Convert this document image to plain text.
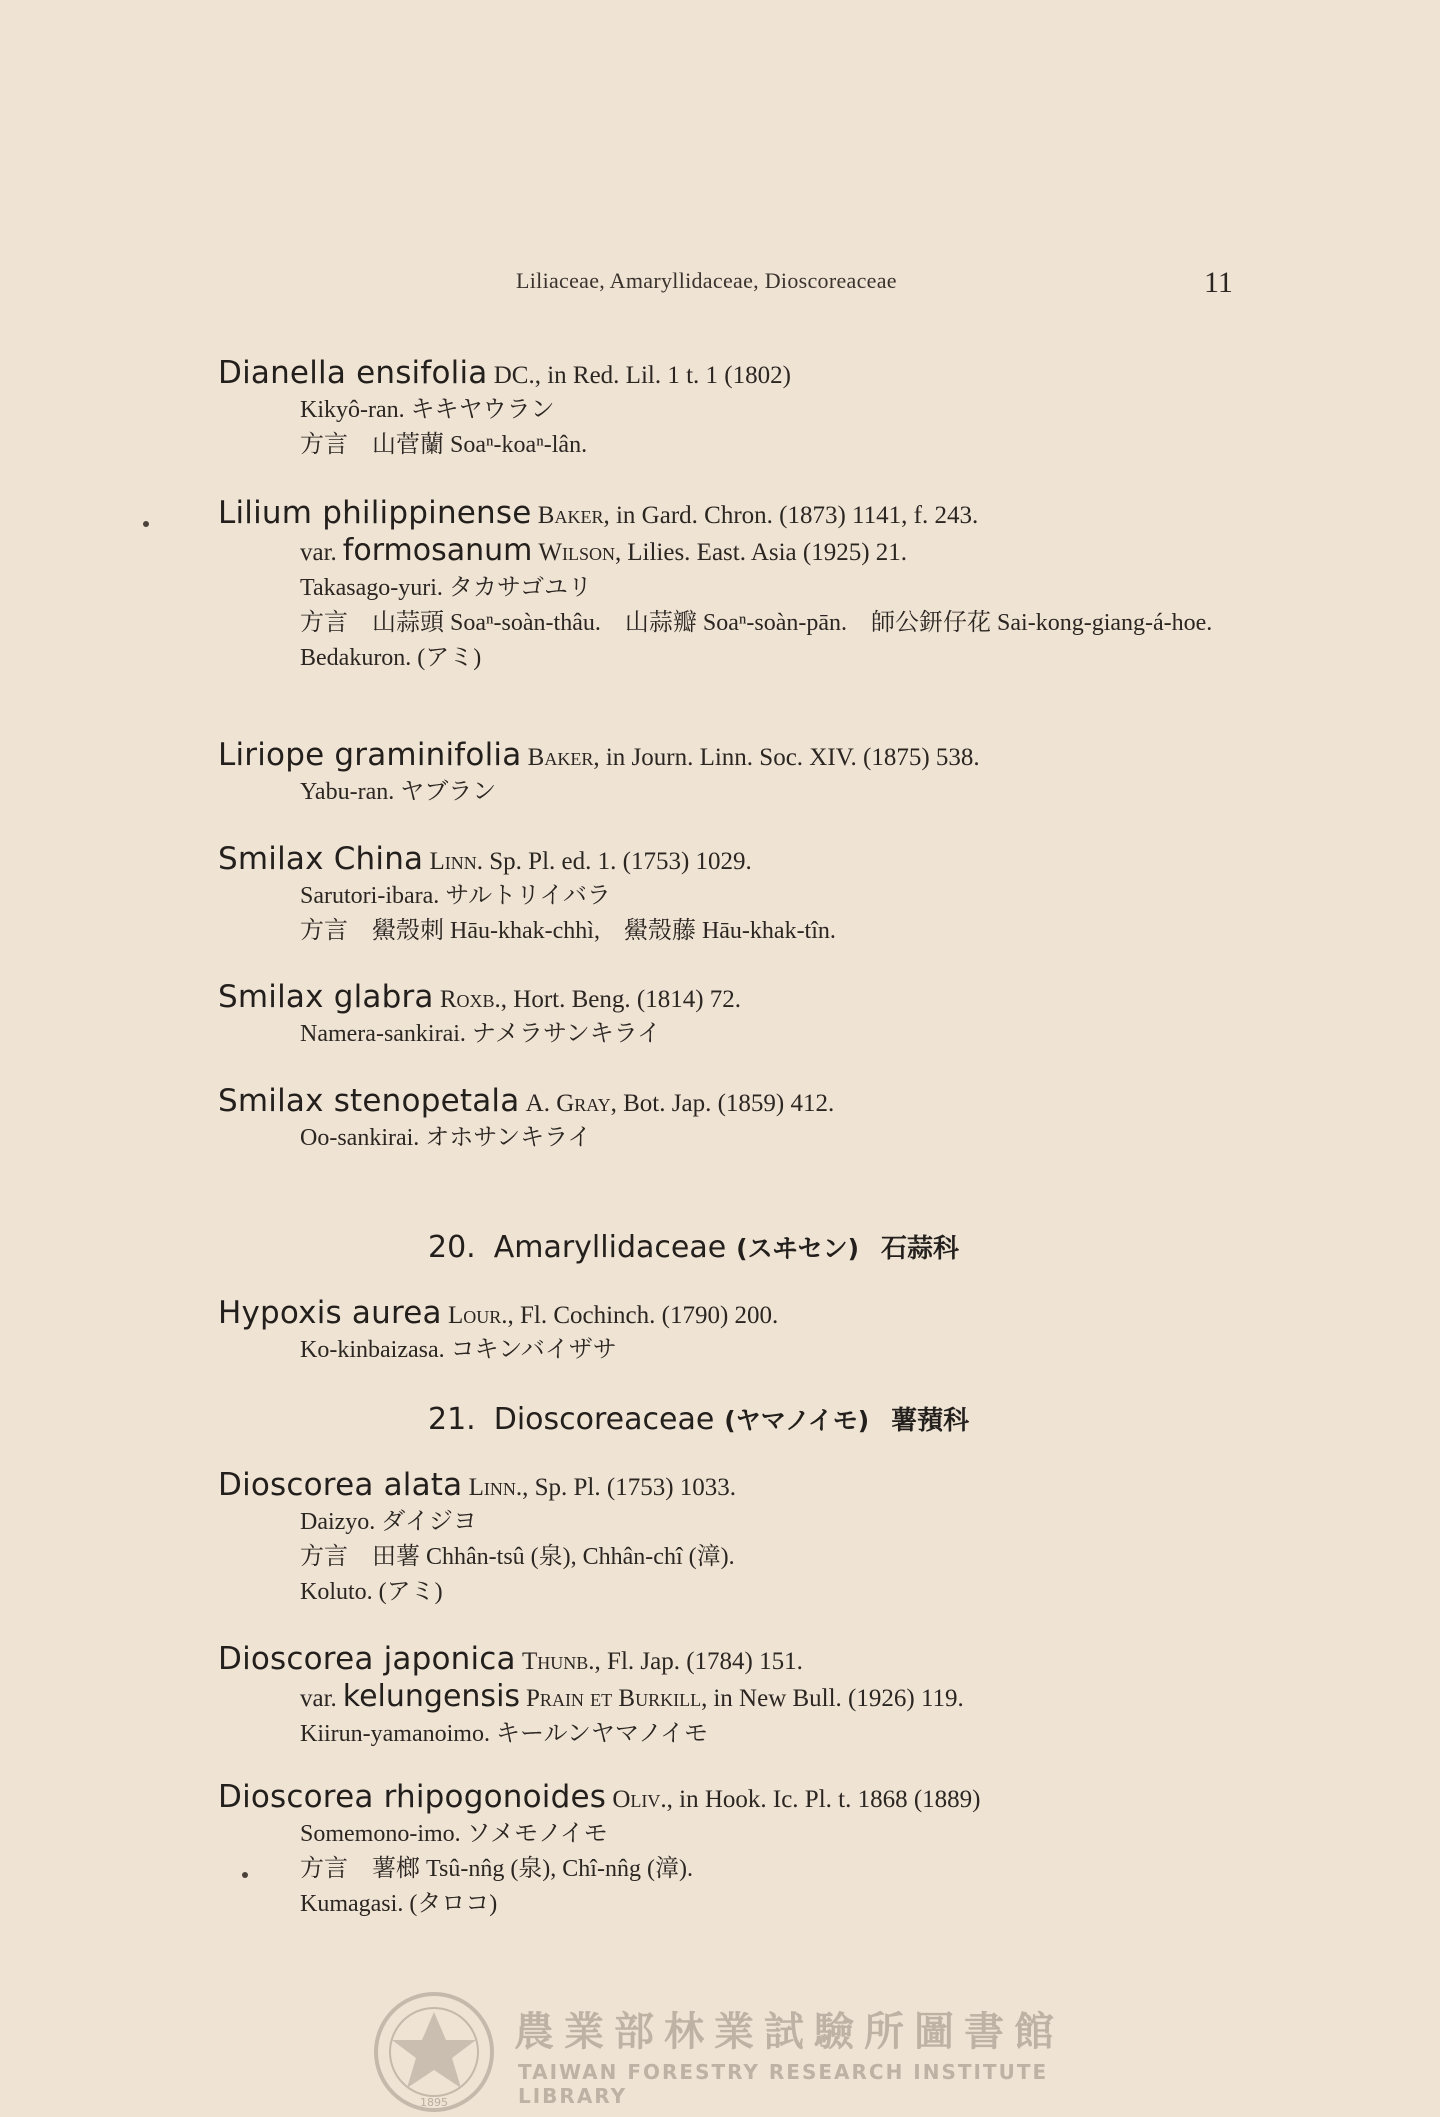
Liliaceae, Amaryllidaceae, Dioscoreaceae	11
Dianella ensifolia DC., in Red. Lil. 1 t. 1 (1802)
Kikyô-ran. キキヤウラン
方言　山菅蘭 Soaⁿ-koaⁿ-lân.
Lilium philippinense Baker, in Gard. Chron. (1873) 1141, f. 243.
var. formosanum Wilson, Lilies. East. Asia (1925) 21.
Takasago-yuri. タカサゴユリ
方言　山蒜頭 Soaⁿ-soàn-thâu.　山蒜瓣 Soaⁿ-soàn-pān.　師公鈃仔花 Sai-kong-giang-á-hoe.
Bedakuron. (アミ)
Liriope graminifolia Baker, in Journ. Linn. Soc. XIV. (1875) 538.
Yabu-ran. ヤブラン
Smilax China Linn. Sp. Pl. ed. 1. (1753) 1029.
Sarutori-ibara. サルトリイバラ
方言　鱟殼刺 Hāu-khak-chhì,　鱟殼藤 Hāu-khak-tîn.
Smilax glabra Roxb., Hort. Beng. (1814) 72.
Namera-sankirai. ナメラサンキライ
Smilax stenopetala A. Gray, Bot. Jap. (1859) 412.
Oo-sankirai. オホサンキライ
20. Amaryllidaceae (スヰセン) 石蒜科
Hypoxis aurea Lour., Fl. Cochinch. (1790) 200.
Ko-kinbaizasa. コキンバイザサ
21. Dioscoreaceae (ヤマノイモ) 薯蕷科
Dioscorea alata Linn., Sp. Pl. (1753) 1033.
Daizyo. ダイジヨ
方言　田薯 Chhân-tsû (泉), Chhân-chî (漳).
Koluto. (アミ)
Dioscorea japonica Thunb., Fl. Jap. (1784) 151.
var. kelungensis Prain et Burkill, in New Bull. (1926) 119.
Kiirun-yamanoimo. キールンヤマノイモ
Dioscorea rhipogonoides Oliv., in Hook. Ic. Pl. t. 1868 (1889)
Somemono-imo. ソメモノイモ
方言　薯榔 Tsû-nn̂g (泉), Chî-nn̂g (漳).
Kumagasi. (タロコ)
1895
農業部林業試驗所圖書館
TAIWAN FORESTRY RESEARCH INSTITUTE LIBRARY
